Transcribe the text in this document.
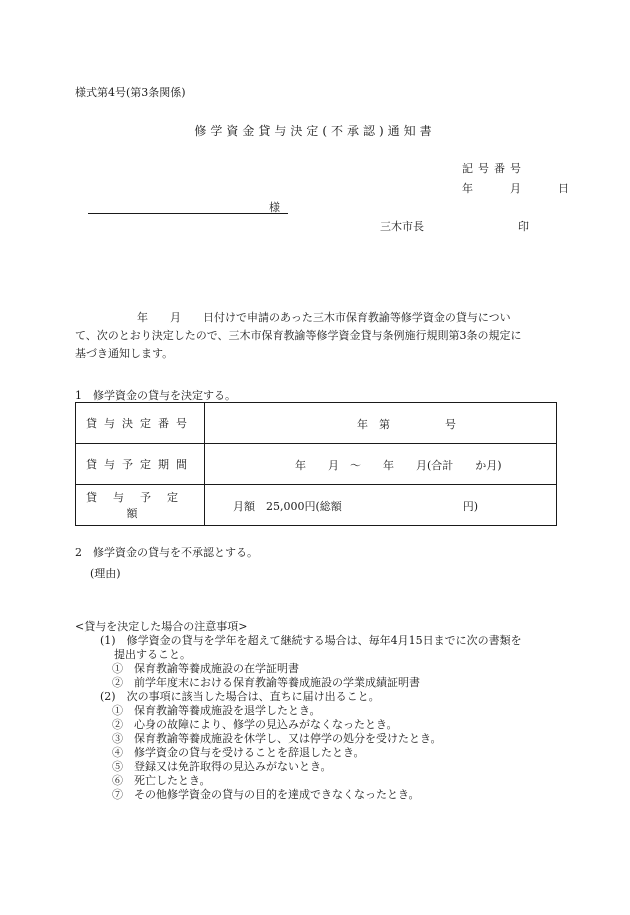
様式第4号(第3条関係)
修学資金貸与決定(不承認)通知書
記号番号
年	月	日
様
三木市長	印

年　　月　　日付けで申請のあった三木市保育教諭等修学資金の貸与につい

て、次のとおり決定したので、三木市保育教諭等修学資金貸与条例施行規則第3条の規定に

基づき通知します。

1　修学資金の貸与を決定する。
貸与決定番号	年　第　　　　　号

貸与予定期間	年　　月　～　　年　　月(合計　　か月)

貸与予定額	月額　25,000円(総額　　　　　　　　　　　円)
2　修学資金の貸与を不承認とする。
(理由)
<貸与を決定した場合の注意事項>
(1)　修学資金の貸与を学年を超えて継続する場合は、毎年4月15日までに次の書類を
提出すること。
①　保育教諭等養成施設の在学証明書
②　前学年度末における保育教諭等養成施設の学業成績証明書
(2)　次の事項に該当した場合は、直ちに届け出ること。
①　保育教諭等養成施設を退学したとき。
②　心身の故障により、修学の見込みがなくなったとき。
③　保育教諭等養成施設を休学し、又は停学の処分を受けたとき。
④　修学資金の貸与を受けることを辞退したとき。
⑤　登録又は免許取得の見込みがないとき。
⑥　死亡したとき。
⑦　その他修学資金の貸与の目的を達成できなくなったとき。
